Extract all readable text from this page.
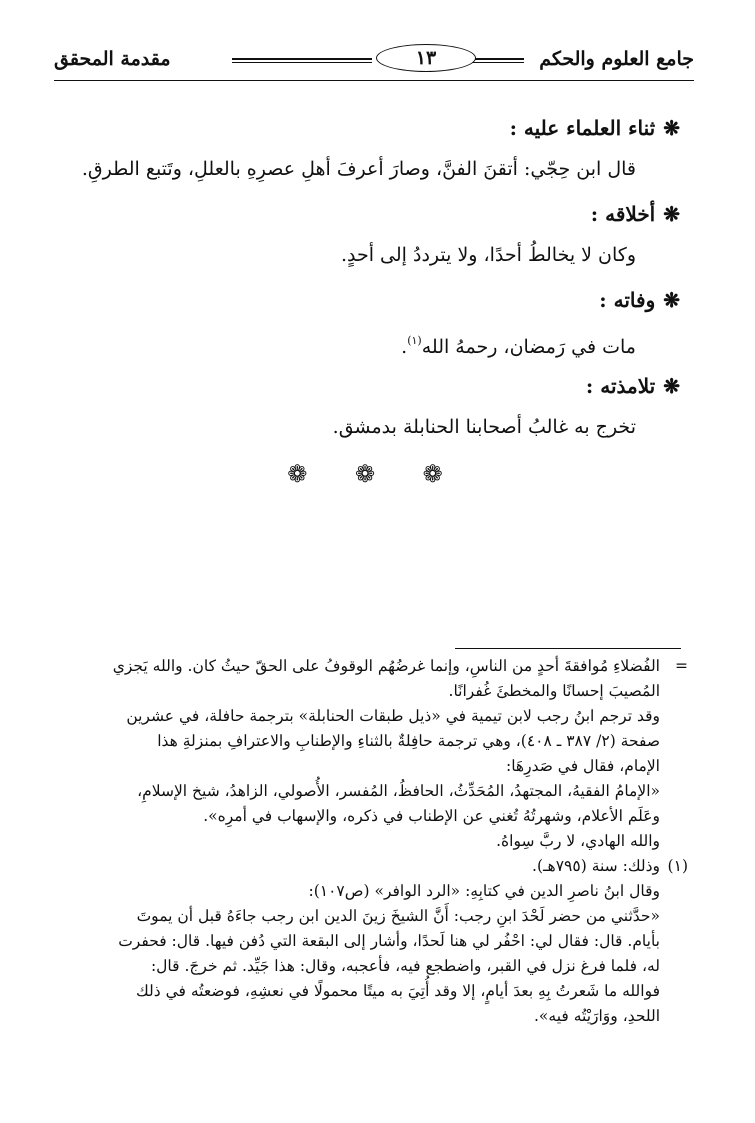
جامع العلوم والحكم
١٣
مقدمة المحقق
❋ثناء العلماء عليه :

قال ابن حِجّي: أتقنَ الفنَّ، وصارَ أعرفَ أهلِ عصرِهِ بالعللِ، وتَتبع الطرقِ.

❋أخلاقه :

وكان لا يخالطُ أحدًا، ولا يترددُ إلى أحدٍ.

❋وفاته :

مات في رَمضان، رحمهُ الله$^{(١)}$.

❋تلامذته :

تخرج به غالبُ أصحابنا الحنابلة بدمشق.

❁ ❁ ❁
=
الفُضلاءِ مُوافقةَ أحدٍ من الناسِ، وإنما غرضُهُم الوقوفُ على الحقّ حيثُ كان. والله يَجزي
المُصيبَ إحسانًا والمخطئَ غُفرانًا.
وقد ترجم ابنُ رجب لابن تيمية في «ذيل طبقات الحنابلة» بترجمة حافلة، في عشرين
صفحة (٢/ ٣٨٧ ـ ٤٠٨)، وهي ترجمة حافِلةٌ بالثناءِ والإطنابِ والاعترافِ بمنزلةِ هذا
الإمام، فقال في صَدرِهَا:
«الإمامُ الفقيهُ، المجتهدُ، المُحَدِّثُ، الحافظُ، المُفسر، الأُصولي، الزاهدُ، شيخ الإسلامِ،
وعَلَم الأعلام، وشهرتُهُ تُغني عن الإطناب في ذكره، والإسهاب في أمرِه».
والله الهادي، لا ربَّ سِواهُ.
(١)
وذلك: سنة (٧٩٥هـ).
وقال ابنُ ناصرِ الدين في كتابِهِ: «الرد الوافر» (ص١٠٧):
«حدَّثني من حضر لَحْدَ ابنِ رجب: أَنَّ الشيخَ زينَ الدين ابن رجب جاءَهُ قبل أن يموتَ
بأيام. قال: فقال لي: احْفُر لي هنا لَحدًا، وأشار إلى البقعة التي دُفن فيها. قال: فحفرت
له، فلما فرغ نزل في القبر، واضطجع فيه، فأعجبه، وقال: هذا جَيِّد. ثم خرجَ. قال:
فوالله ما شَعرتُ بِهِ بعدَ أيامٍ، إلا وقد أُتِيَ به ميتًا محمولًا في نعشِهِ، فوضعتُه في ذلك
اللحدِ، ووَارَيْتُه فيه».
